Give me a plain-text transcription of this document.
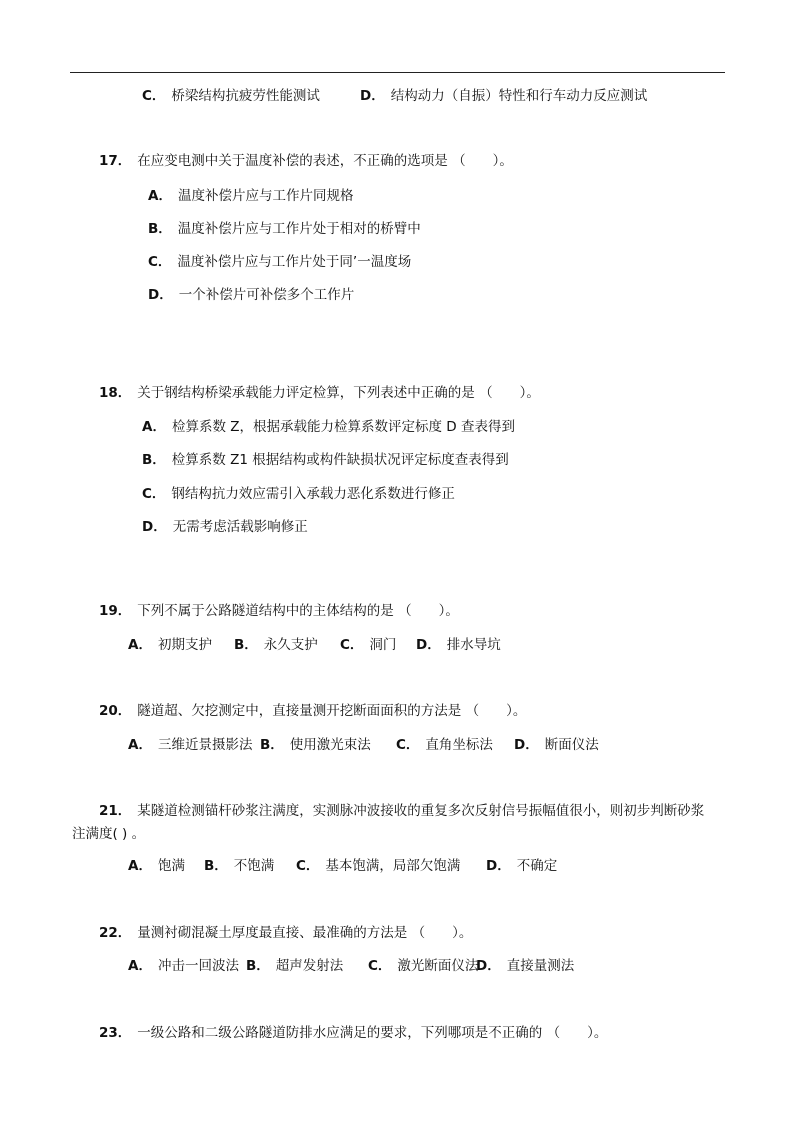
C． 桥梁结构抗疲劳性能测试	D． 结构动力（自振）特性和行车动力反应测试
17． 在应变电测中关于温度补偿的表述，不正确的选项是 （　　）。
A． 温度补偿片应与工作片同规格
B． 温度补偿片应与工作片处于相对的桥臂中
C． 温度补偿片应与工作片处于同’一温度场
D． 一个补偿片可补偿多个工作片
18． 关于钢结构桥梁承载能力评定检算，下列表述中正确的是 （　　）。
A． 检算系数 Z，根据承载能力检算系数评定标度 D 查表得到
B． 检算系数 Z1 根据结构或构件缺损状况评定标度查表得到
C． 钢结构抗力效应需引入承载力恶化系数进行修正
D． 无需考虑活载影响修正
19． 下列不属于公路隧道结构中的主体结构的是 （　　）。
A． 初期支护 B． 永久支护 C． 洞门 D． 排水导坑
20． 隧道超、欠挖测定中，直接量测开挖断面面积的方法是 （　　）。
A． 三维近景摄影法 B． 使用激光束法 C． 直角坐标法 D． 断面仪法
21． 某隧道检测锚杆砂浆注满度，实测脉冲波接收的重复多次反射信号振幅值很小，则初步判断砂浆
注满度( ) 。
A． 饱满 B． 不饱满 C． 基本饱满，局部欠饱满 D． 不确定
22． 量测衬砌混凝土厚度最直接、最准确的方法是 （　　）。
A． 冲击一回波法 B． 超声发射法 C． 激光断面仪法D． 直接量测法
23． 一级公路和二级公路隧道防排水应满足的要求，下列哪项是不正确的 （　　）。
